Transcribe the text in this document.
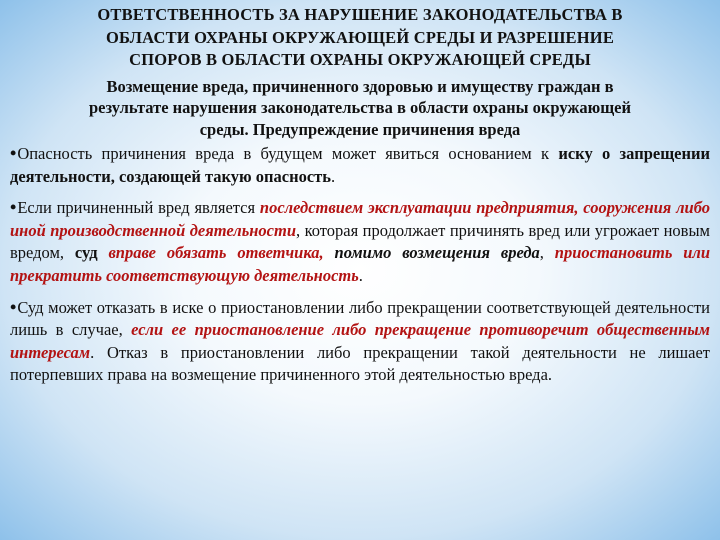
ОТВЕТСТВЕННОСТЬ ЗА НАРУШЕНИЕ ЗАКОНОДАТЕЛЬСТВА В
ОБЛАСТИ ОХРАНЫ ОКРУЖАЮЩЕЙ СРЕДЫ И РАЗРЕШЕНИЕ
СПОРОВ В ОБЛАСТИ ОХРАНЫ ОКРУЖАЮЩЕЙ СРЕДЫ
Возмещение вреда, причиненного здоровью и имуществу граждан в
результате нарушения законодательства в области охраны окружающей
среды. Предупреждение причинения вреда

•Опасность причинения вреда в будущем может явиться основанием к иску о запрещении деятельности, создающей такую опасность.

•Если причиненный вред является последствием эксплуатации предприятия, сооружения либо иной производственной деятельности, которая продолжает причинять вред или угрожает новым вредом, суд вправе обязать ответчика, помимо возмещения вреда, приостановить или прекратить соответствующую деятельность.

•Суд может отказать в иске о приостановлении либо прекращении соответствующей деятельности лишь в случае, если ее приостановление либо прекращение противоречит общественным интересам. Отказ в приостановлении либо прекращении такой деятельности не лишает потерпевших права на возмещение причиненного этой деятельностью вреда.
